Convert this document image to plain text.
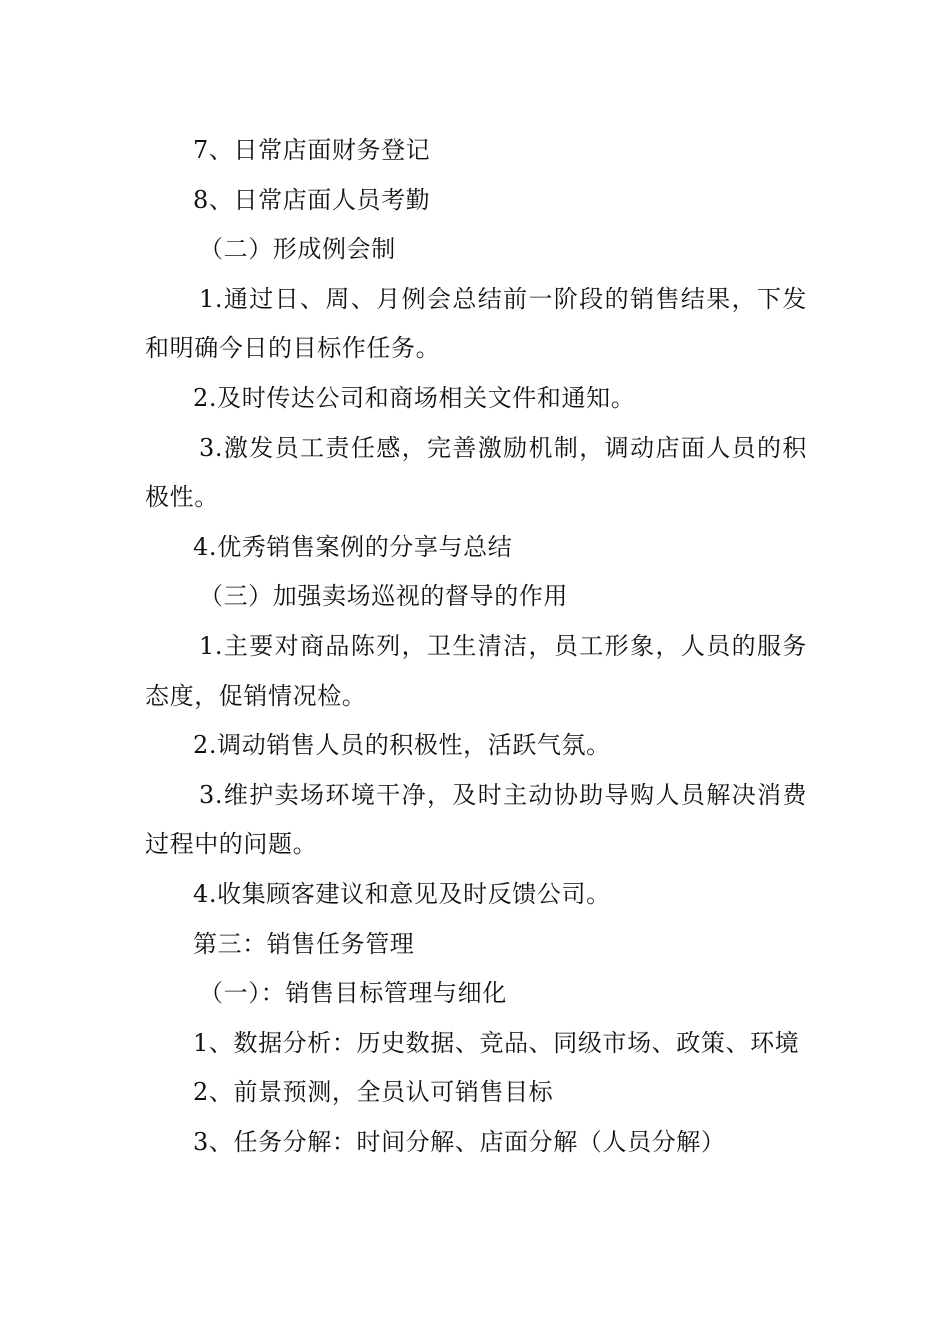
7、日常店面财务登记

8、日常店面人员考勤

（二）形成例会制

1.通过日、周、月例会总结前一阶段的销售结果，下发和明确今日的目标作任务。

2.及时传达公司和商场相关文件和通知。

3.激发员工责任感，完善激励机制，调动店面人员的积极性。

4.优秀销售案例的分享与总结

（三）加强卖场巡视的督导的作用

1.主要对商品陈列，卫生清洁，员工形象，人员的服务态度，促销情况检。

2.调动销售人员的积极性，活跃气氛。

3.维护卖场环境干净，及时主动协助导购人员解决消费过程中的问题。

4.收集顾客建议和意见及时反馈公司。

第三：销售任务管理

（一）：销售目标管理与细化

1、数据分析：历史数据、竞品、同级市场、政策、环境

2、前景预测，全员认可销售目标

3、任务分解：时间分解、店面分解（人员分解）
